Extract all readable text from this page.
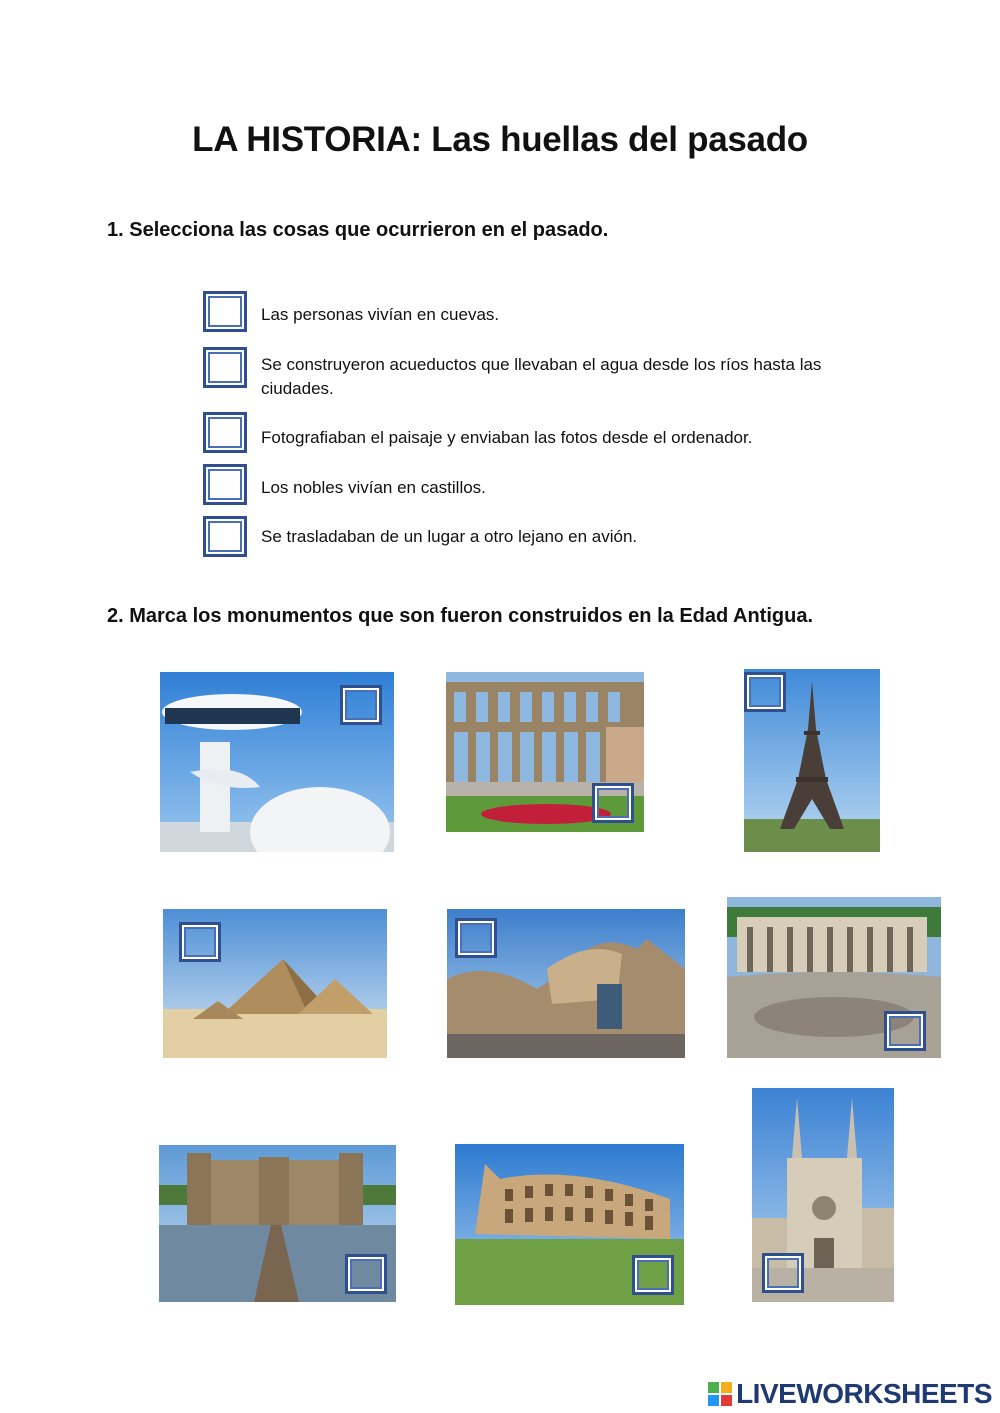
LA HISTORIA: Las huellas del pasado
1. Selecciona las cosas que ocurrieron en el pasado.
Las personas vivían en cuevas.
Se construyeron acueductos que llevaban el agua desde los ríos hasta las ciudades.
Fotografiaban el paisaje y enviaban las fotos desde el ordenador.
Los nobles vivían en castillos.
Se trasladaban de un lugar a otro lejano en avión.
2. Marca los monumentos que son fueron construidos en la Edad Antigua.
LIVEWORKSHEETS
